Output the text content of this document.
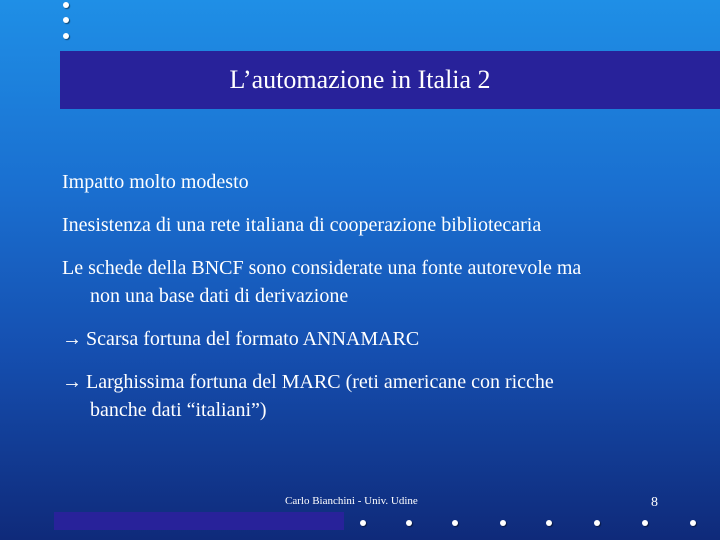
L’automazione in Italia 2

Impatto molto modesto

Inesistenza di una rete italiana di cooperazione bibliotecaria

Le schede della BNCF sono considerate una fonte autorevole ma
non una base dati di derivazione

→ Scarsa fortuna del formato ANNAMARC

→ Larghissima fortuna del MARC (reti americane con ricche
banche dati “italiani”)

Carlo Bianchini - Univ. Udine	8
